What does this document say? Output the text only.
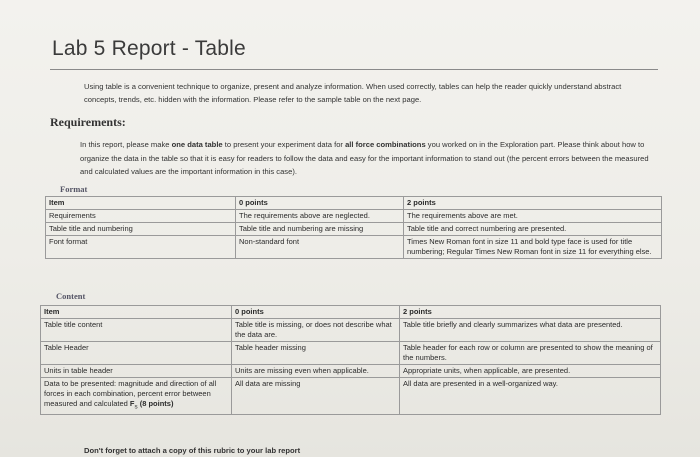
Lab 5 Report - Table

Using table is a convenient technique to organize, present and analyze information. When used correctly, tables can help the reader quickly understand abstract concepts, trends, etc. hidden with the information. Please refer to the sample table on the next page.

Requirements:

In this report, please make one data table to present your experiment data for all force combinations you worked on in the Exploration part. Please think about how to organize the data in the table so that it is easy for readers to follow the data and easy for the important information to stand out (the percent errors between the measured and calculated values are the important information in this case).

Format

Item	0 points	2 points
Requirements	The requirements above are neglected.	The requirements above are met.
Table title and numbering	Table title and numbering are missing	Table title and correct numbering are presented.
Font format	Non-standard font	Times New Roman font in size 11 and bold type face is used for title numbering; Regular Times New Roman font in size 11 for everything else.

Content

Item	0 points	2 points
Table title content	Table title is missing, or does not describe what the data are.	Table title briefly and clearly summarizes what data are presented.
Table Header	Table header missing	Table header for each row or column are presented to show the meaning of the numbers.
Units in table header	Units are missing even when applicable.	Appropriate units, when applicable, are presented.
Data to be presented: magnitude and direction of all forces in each combination, percent error between measured and calculated $F_s$ (8 points)	All data are missing	All data are presented in a well-organized way.

Don't forget to attach a copy of this rubric to your lab report
